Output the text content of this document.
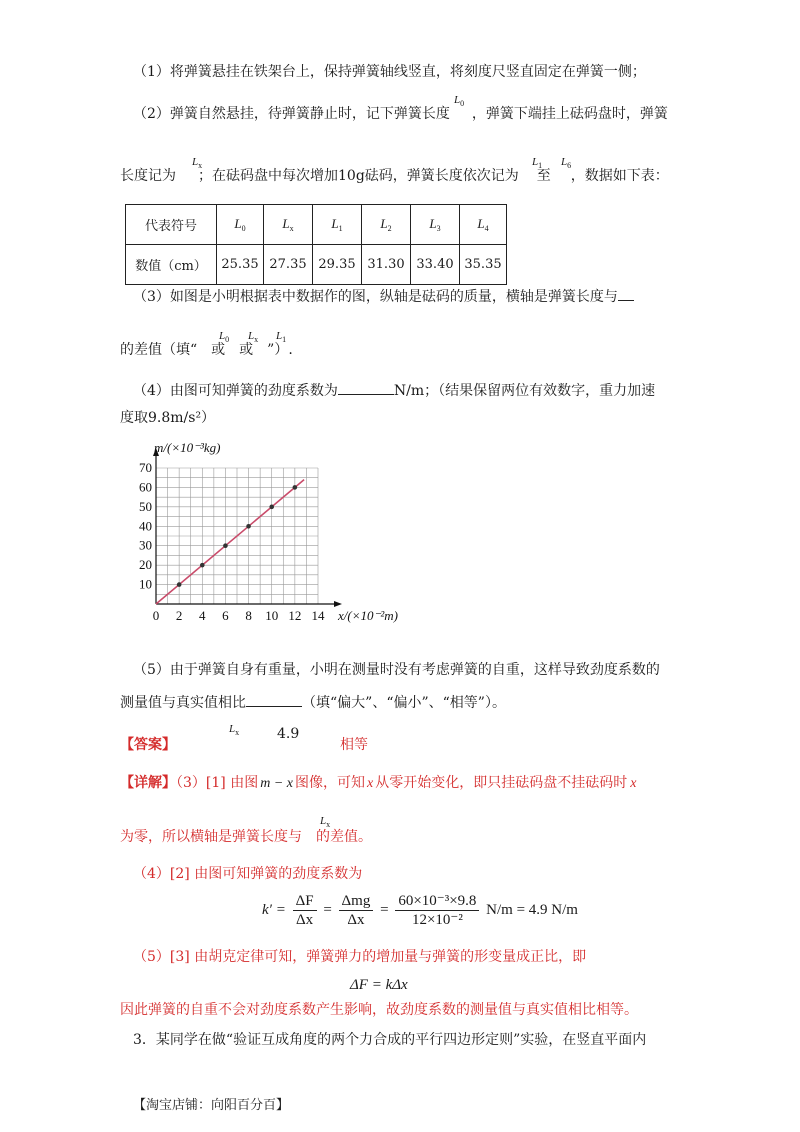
（1）将弹簧悬挂在铁架台上，保持弹簧轴线竖直，将刻度尺竖直固定在弹簧一侧；
（2）弹簧自然悬挂，待弹簧静止时，记下弹簧长度 ，弹簧下端挂上砝码盘时，弹簧
$L_0$
长度记为 ；在砝码盘中每次增加10g砝码，弹簧长度依次记为 至 ，数据如下表：
$L_x$	$L_1$ $L_6$
代表符号	$L_0$	$L_x$	$L_1$	$L_2$	$L_3$	$L_4$
数值（cm）	25.35	27.35	29.35	31.30	33.40	35.35
（3）如图是小明根据表中数据作的图，纵轴是砝码的质量，横轴是弹簧长度与
的差值（填“ 或 或 ”）.
$L_0$ $L_x$ $L_1$
（4）由图可知弹簧的劲度系数为	N/m；（结果保留两位有效数字，重力加速
度取9.8m/s²）
0 2 4 6 8 10 12 14
10
20
30
40
50
60
70
m/(×10⁻³kg)
x/(×10⁻²m)
（5）由于弹簧自身有重量，小明在测量时没有考虑弹簧的自重，这样导致劲度系数的
测量值与真实值相比	（填“偏大”、“偏小”、“相等”）。
【答案】
$L_x$	4.9
相等
【详解】（3）[1] 由图 m − x 图像，可知 x 从零开始变化，即只挂砝码盘不挂砝码时 x
为零，所以横轴是弹簧长度与 的差值。
$L_x$
（4）[2] 由图可知弹簧的劲度系数为
$k' = \frac{\Delta F}{\Delta x} = \frac{\text{Δmg}}{\Delta x} = \frac{\text{60×10⁻³×9.8}}{\text{12×10⁻²}} N/m = 4.9$ N/m
（5）[3] 由胡克定律可知，弹簧弹力的增加量与弹簧的形变量成正比，即
ΔF = kΔx
因此弹簧的自重不会对劲度系数产生影响，故劲度系数的测量值与真实值相比相等。
3．某同学在做“验证互成角度的两个力合成的平行四边形定则”实验，在竖直平面内
【淘宝店铺：向阳百分百】
